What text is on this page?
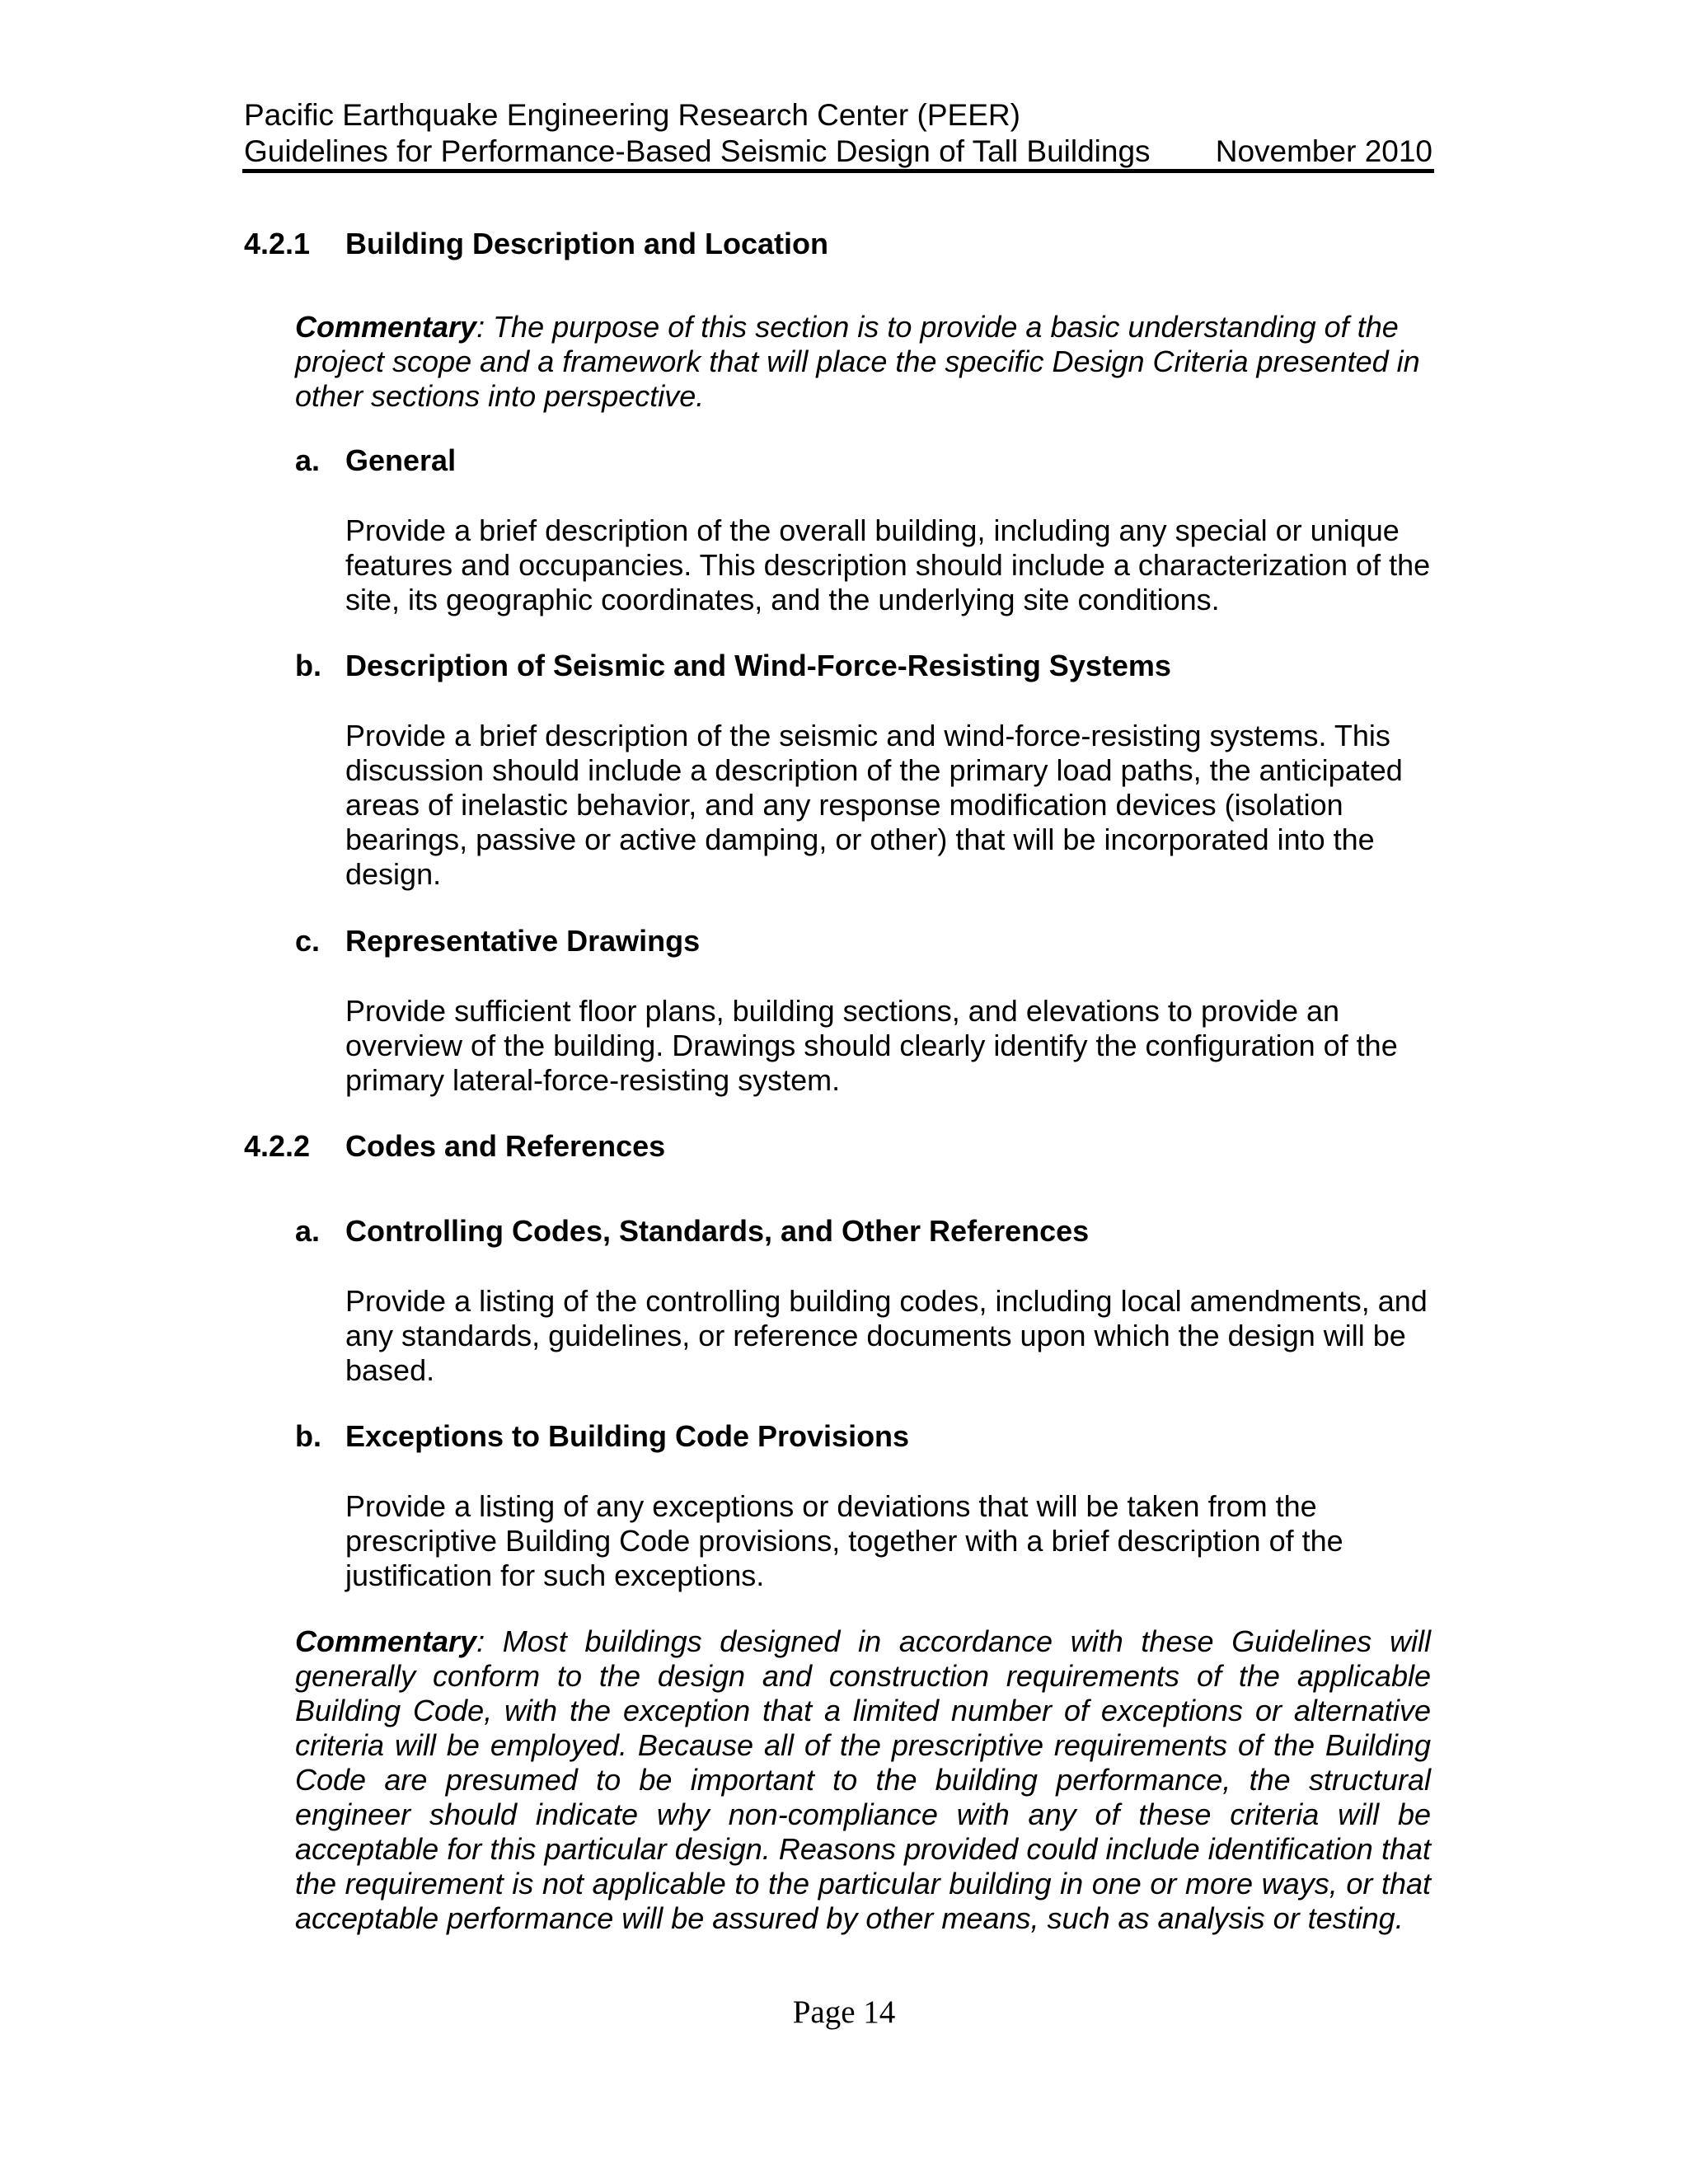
Pacific Earthquake Engineering Research Center (PEER)
Guidelines for Performance-Based Seismic Design of Tall Buildings November 2010
4.2.1 Building Description and Location
Commentary: The purpose of this section is to provide a basic understanding of the project scope and a framework that will place the specific Design Criteria presented in other sections into perspective.
a. General
Provide a brief description of the overall building, including any special or unique features and occupancies. This description should include a characterization of the site, its geographic coordinates, and the underlying site conditions.
b. Description of Seismic and Wind-Force-Resisting Systems
Provide a brief description of the seismic and wind-force-resisting systems. This discussion should include a description of the primary load paths, the anticipated areas of inelastic behavior, and any response modification devices (isolation bearings, passive or active damping, or other) that will be incorporated into the design.
c. Representative Drawings
Provide sufficient floor plans, building sections, and elevations to provide an overview of the building. Drawings should clearly identify the configuration of the primary lateral-force-resisting system.
4.2.2 Codes and References
a. Controlling Codes, Standards, and Other References
Provide a listing of the controlling building codes, including local amendments, and any standards, guidelines, or reference documents upon which the design will be based.
b. Exceptions to Building Code Provisions
Provide a listing of any exceptions or deviations that will be taken from the prescriptive Building Code provisions, together with a brief description of the justification for such exceptions.
Commentary: Most buildings designed in accordance with these Guidelines will generally conform to the design and construction requirements of the applicable Building Code, with the exception that a limited number of exceptions or alternative criteria will be employed. Because all of the prescriptive requirements of the Building Code are presumed to be important to the building performance, the structural engineer should indicate why non-compliance with any of these criteria will be acceptable for this particular design. Reasons provided could include identification that the requirement is not applicable to the particular building in one or more ways, or that acceptable performance will be assured by other means, such as analysis or testing.
Page 14
